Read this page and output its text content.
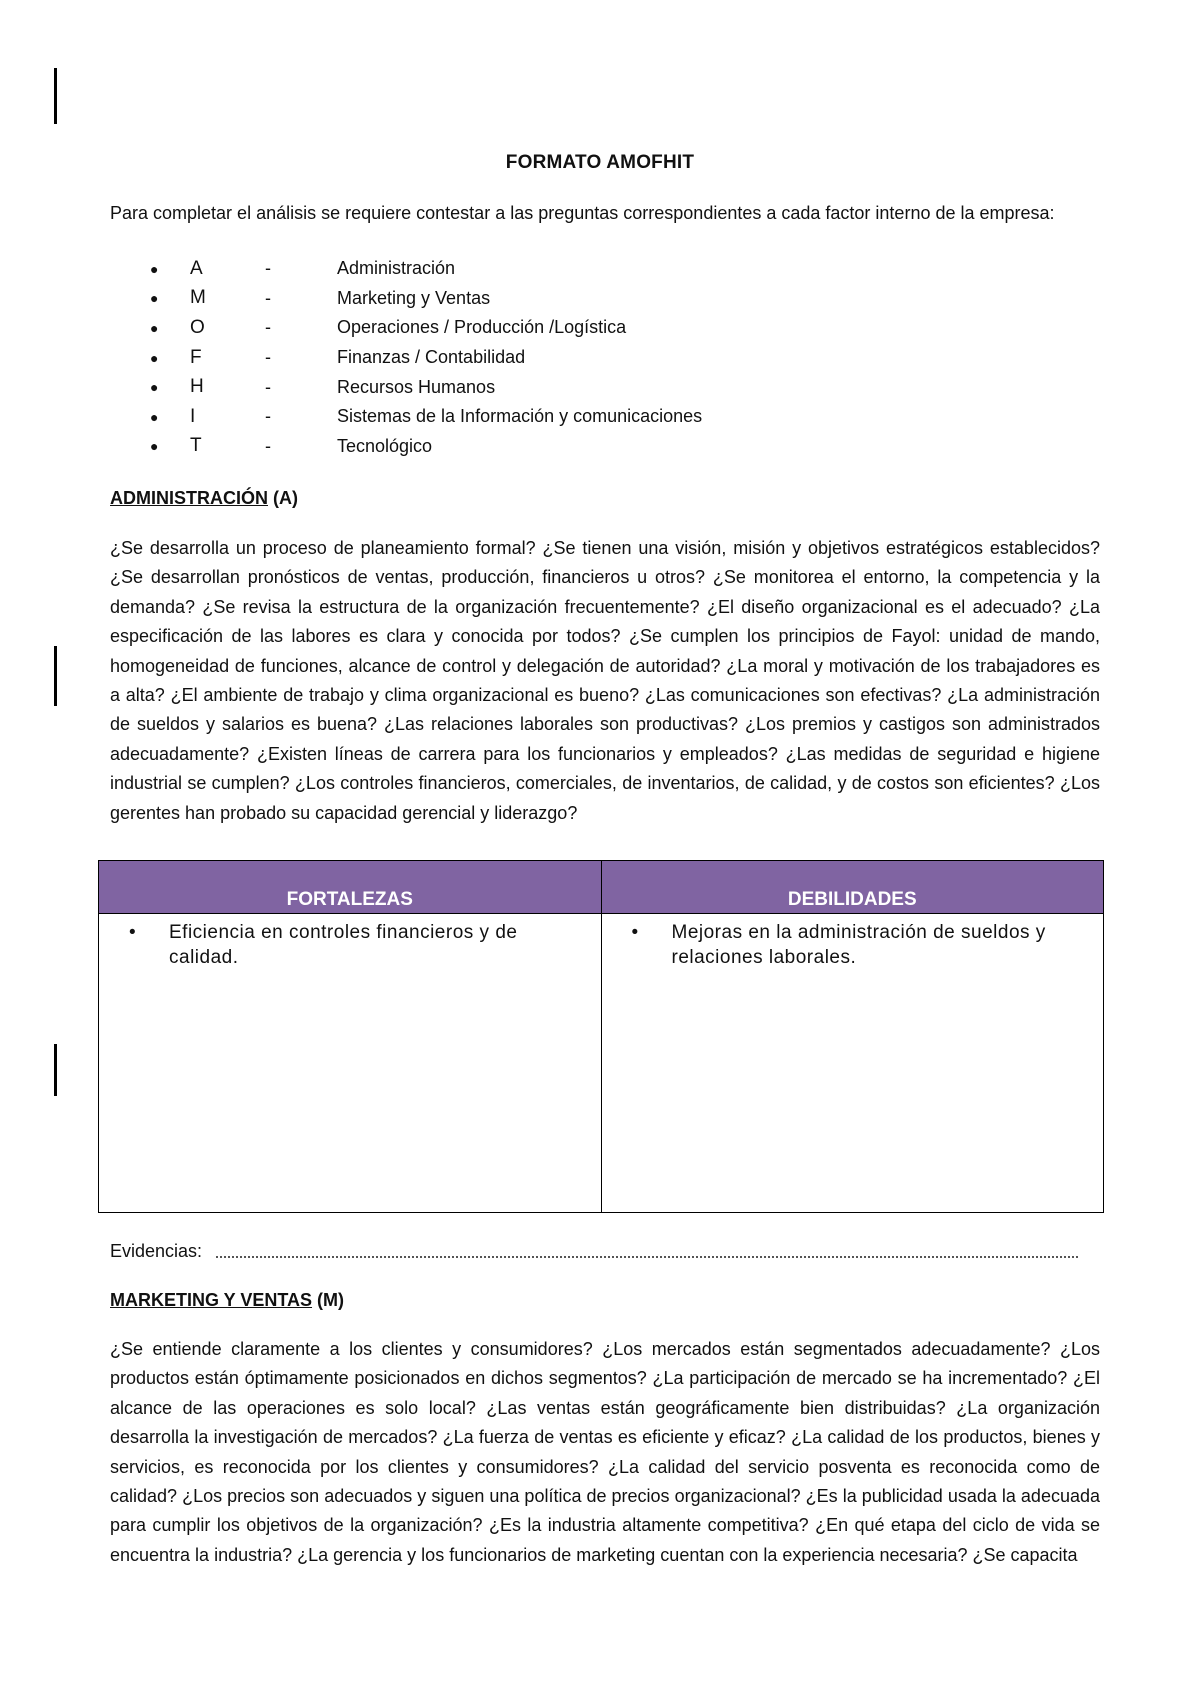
FORMATO AMOFHIT
Para completar el análisis se requiere contestar a las preguntas correspondientes a cada factor interno de la empresa:
●	A	-	Administración
●	M	-	Marketing y Ventas
●	O	-	Operaciones / Producción /Logística
●	F	-	Finanzas / Contabilidad
●	H	-	Recursos Humanos
●	I	-	Sistemas de la Información y comunicaciones
●	T	-	Tecnológico
ADMINISTRACIÓN (A)
¿Se desarrolla un proceso de planeamiento formal? ¿Se tienen una visión, misión y objetivos estratégicos establecidos? ¿Se desarrollan pronósticos de ventas, producción, financieros u otros? ¿Se monitorea el entorno, la competencia y la demanda? ¿Se revisa la estructura de la organización frecuentemente? ¿El diseño organizacional es el adecuado? ¿La especificación de las labores es clara y conocida por todos? ¿Se cumplen los principios de Fayol: unidad de mando, homogeneidad de funciones, alcance de control y delegación de autoridad? ¿La moral y motivación de los trabajadores es a alta? ¿El ambiente de trabajo y clima organizacional es bueno? ¿Las comunicaciones son efectivas? ¿La administración de sueldos y salarios es buena? ¿Las relaciones laborales son productivas? ¿Los premios y castigos son administrados adecuadamente? ¿Existen líneas de carrera para los funcionarios y empleados? ¿Las medidas de seguridad e higiene industrial se cumplen? ¿Los controles financieros, comerciales, de inventarios, de calidad, y de costos son eficientes? ¿Los gerentes han probado su capacidad gerencial y liderazgo?
FORTALEZAS	DEBILIDADES

• Eficiencia en controles financieros y de calidad.	• Mejoras en la administración de sueldos y relaciones laborales.
Evidencias:
MARKETING Y VENTAS (M)
¿Se entiende claramente a los clientes y consumidores? ¿Los mercados están segmentados adecuadamente? ¿Los productos están óptimamente posicionados en dichos segmentos? ¿La participación de mercado se ha incrementado? ¿El alcance de las operaciones es solo local? ¿Las ventas están geográficamente bien distribuidas? ¿La organización desarrolla la investigación de mercados? ¿La fuerza de ventas es eficiente y eficaz? ¿La calidad de los productos, bienes y servicios, es reconocida por los clientes y consumidores? ¿La calidad del servicio posventa es reconocida como de calidad? ¿Los precios son adecuados y siguen una política de precios organizacional? ¿Es la publicidad usada la adecuada para cumplir los objetivos de la organización? ¿Es la industria altamente competitiva? ¿En qué etapa del ciclo de vida se encuentra la industria? ¿La gerencia y los funcionarios de marketing cuentan con la experiencia necesaria? ¿Se capacita
